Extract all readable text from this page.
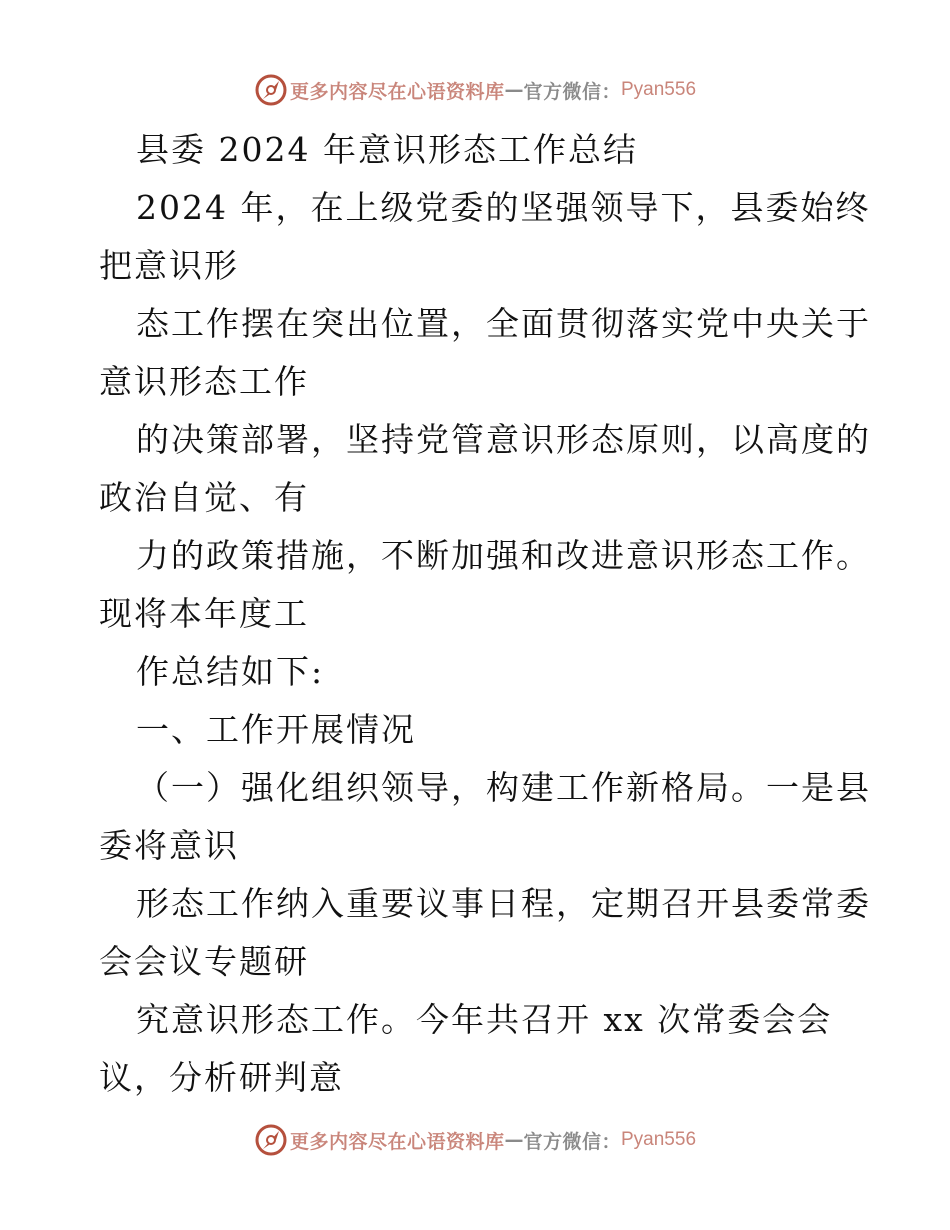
更多内容尽在心语资料库 — 官方微信： Pyan556
县委 2024 年意识形态工作总结
2024 年，在上级党委的坚强领导下，县委始终
把意识形
态工作摆在突出位置，全面贯彻落实党中央关于
意识形态工作
的决策部署，坚持党管意识形态原则，以高度的
政治自觉、有
力的政策措施，不断加强和改进意识形态工作。
现将本年度工
作总结如下:
一、工作开展情况
（一）强化组织领导，构建工作新格局。一是县
委将意识
形态工作纳入重要议事日程，定期召开县委常委
会会议专题研
究意识形态工作。今年共召开 xx 次常委会会
议，分析研判意
更多内容尽在心语资料库 — 官方微信： Pyan556
